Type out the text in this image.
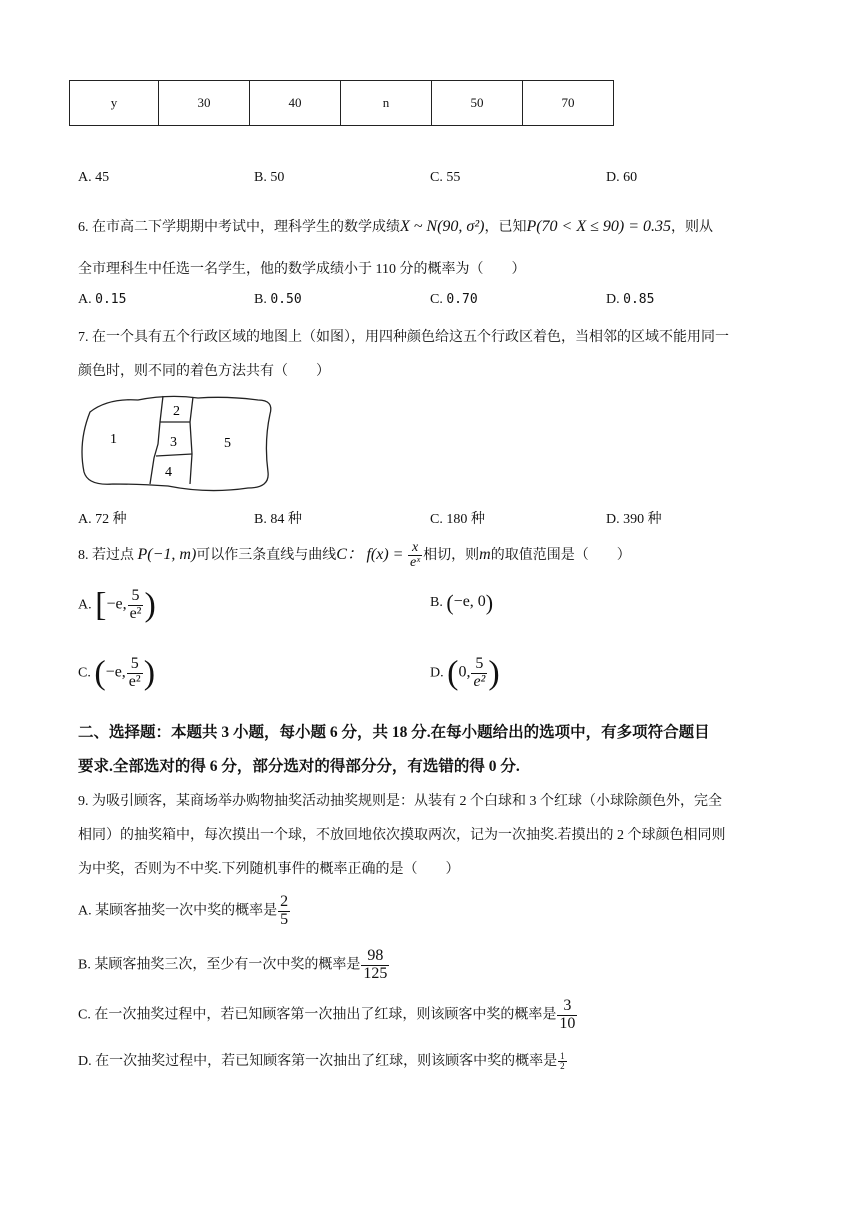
y	30	40	n	50	70
A. 45	B. 50	C. 55	D. 60
6. 在市高二下学期期中考试中，理科学生的数学成绩X ~ N(90, σ²)，已知P(70 < X ≤ 90) = 0.35，则从
全市理科生中任选一名学生，他的数学成绩小于 110 分的概率为（　　）
A. 0.15	B. 0.50	C. 0.70	D. 0.85
7. 在一个具有五个行政区域的地图上（如图），用四种颜色给这五个行政区着色，当相邻的区域不能用同一
颜色时，则不同的着色方法共有（　　）
1
2
3
4
5
A. 72 种	B. 84 种	C. 180 种	D. 390 种
8. 若过点 P(−1, m)可以作三条直线与曲线C： $f(x) = \frac{x}{\text{eˣ}}$ 相切，则m的取值范围是（　　）
A. [−e, $\frac{5}{\text{e²}}$ )	B. (−e, 0)
C. (−e, $\frac{5}{\text{e²}}$ )	D. (0, $\frac{5}{\text{e²}}$ )
二、选择题：本题共 3 小题，每小题 6 分，共 18 分.在每小题给出的选项中，有多项符合题目
要求.全部选对的得 6 分，部分选对的得部分分，有选错的得 0 分.
9. 为吸引顾客，某商场举办购物抽奖活动抽奖规则是：从装有 2 个白球和 3 个红球（小球除颜色外，完全
相同）的抽奖箱中，每次摸出一个球，不放回地依次摸取两次，记为一次抽奖.若摸出的 2 个球颜色相同则
为中奖，否则为不中奖.下列随机事件的概率正确的是（　　）
A. 某顾客抽奖一次中奖的概率是 $\frac{2}{5}$
B. 某顾客抽奖三次，至少有一次中奖的概率是 $\frac{98}{125}$
C. 在一次抽奖过程中，若已知顾客第一次抽出了红球，则该顾客中奖的概率是 $\frac{3}{10}$
D. 在一次抽奖过程中，若已知顾客第一次抽出了红球，则该顾客中奖的概率是 $\frac{1}{2}$
